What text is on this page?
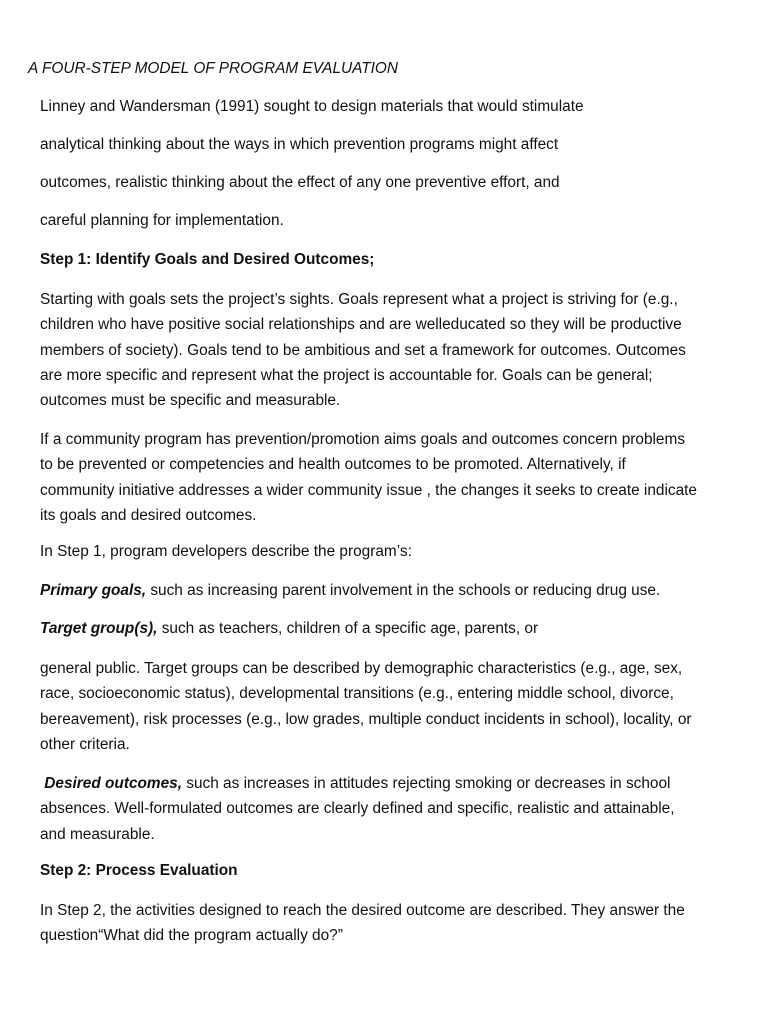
A FOUR-STEP MODEL OF PROGRAM EVALUATION
Linney and Wandersman (1991) sought to design materials that would stimulate
analytical thinking about the ways in which prevention programs might affect
outcomes, realistic thinking about the effect of any one preventive effort, and
careful planning for implementation.
Step 1: Identify Goals and Desired Outcomes;
Starting with goals sets the project’s sights. Goals represent what a project is striving for (e.g.,
children who have positive social relationships and are welleducated so they will be productive
members of society). Goals tend to be ambitious and set a framework for outcomes. Outcomes
are more specific and represent what the project is accountable for. Goals can be general;
outcomes must be specific and measurable.
If a community program has prevention/promotion aims goals and outcomes concern problems
to be prevented or competencies and health outcomes to be promoted. Alternatively, if
community initiative addresses a wider community issue , the changes it seeks to create indicate
its goals and desired outcomes.
In Step 1, program developers describe the program’s:
Primary goals, such as increasing parent involvement in the schools or reducing drug use.
Target group(s), such as teachers, children of a specific age, parents, or
general public. Target groups can be described by demographic characteristics (e.g., age, sex,
race, socioeconomic status), developmental transitions (e.g., entering middle school, divorce,
bereavement), risk processes (e.g., low grades, multiple conduct incidents in school), locality, or
other criteria.
Desired outcomes, such as increases in attitudes rejecting smoking or decreases in school
absences. Well-formulated outcomes are clearly defined and specific, realistic and attainable,
and measurable.
Step 2: Process Evaluation
In Step 2, the activities designed to reach the desired outcome are described. They answer the
question“What did the program actually do?”
